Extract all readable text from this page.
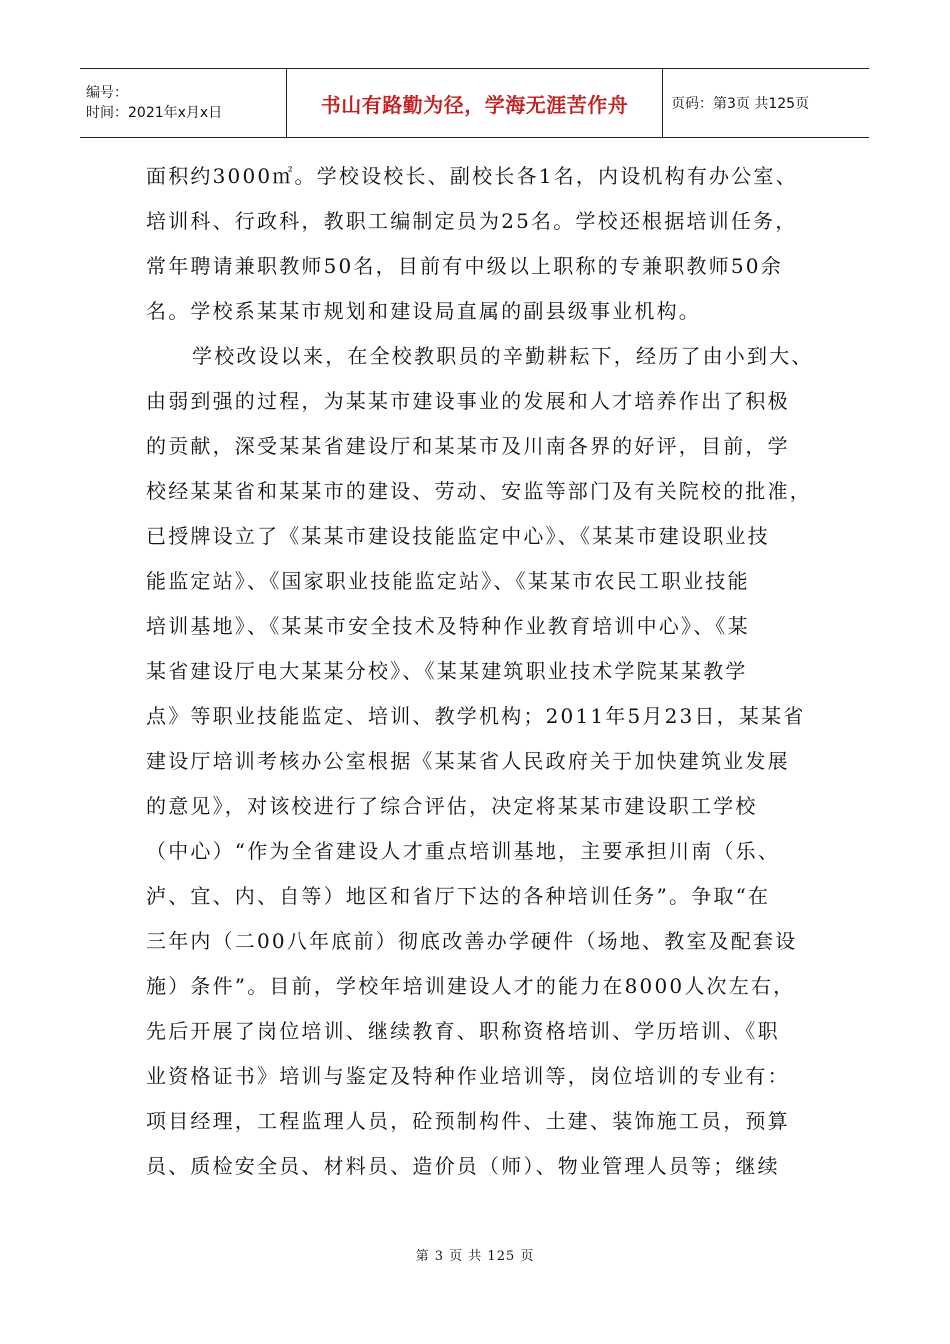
编号：
时间：2021年x月x日	书山有路勤为径，学海无涯苦作舟	页码：第3页 共125页

面积约3000㎡。学校设校长、副校长各1名，内设机构有办公室、

培训科、行政科，教职工编制定员为25名。学校还根据培训任务，

常年聘请兼职教师50名，目前有中级以上职称的专兼职教师50余

名。学校系某某市规划和建设局直属的副县级事业机构。

学校改设以来，在全校教职员的辛勤耕耘下，经历了由小到大、

由弱到强的过程，为某某市建设事业的发展和人才培养作出了积极

的贡献，深受某某省建设厅和某某市及川南各界的好评，目前，学

校经某某省和某某市的建设、劳动、安监等部门及有关院校的批准，

已授牌设立了《某某市建设技能监定中心》、《某某市建设职业技

能监定站》、《国家职业技能监定站》、《某某市农民工职业技能

培训基地》、《某某市安全技术及特种作业教育培训中心》、《某

某省建设厅电大某某分校》、《某某建筑职业技术学院某某教学

点》等职业技能监定、培训、教学机构；2011年5月23日，某某省

建设厅培训考核办公室根据《某某省人民政府关于加快建筑业发展

的意见》，对该校进行了综合评估，决定将某某市建设职工学校

（中心）“作为全省建设人才重点培训基地，主要承担川南（乐、

泸、宜、内、自等）地区和省厅下达的各种培训任务”。争取“在

三年内（二00八年底前）彻底改善办学硬件（场地、教室及配套设

施）条件”。目前，学校年培训建设人才的能力在8000人次左右，

先后开展了岗位培训、继续教育、职称资格培训、学历培训、《职

业资格证书》培训与鉴定及特种作业培训等，岗位培训的专业有：

项目经理，工程监理人员，砼预制构件、土建、装饰施工员，预算

员、质检安全员、材料员、造价员（师）、物业管理人员等；继续

第 3 页 共 125 页
